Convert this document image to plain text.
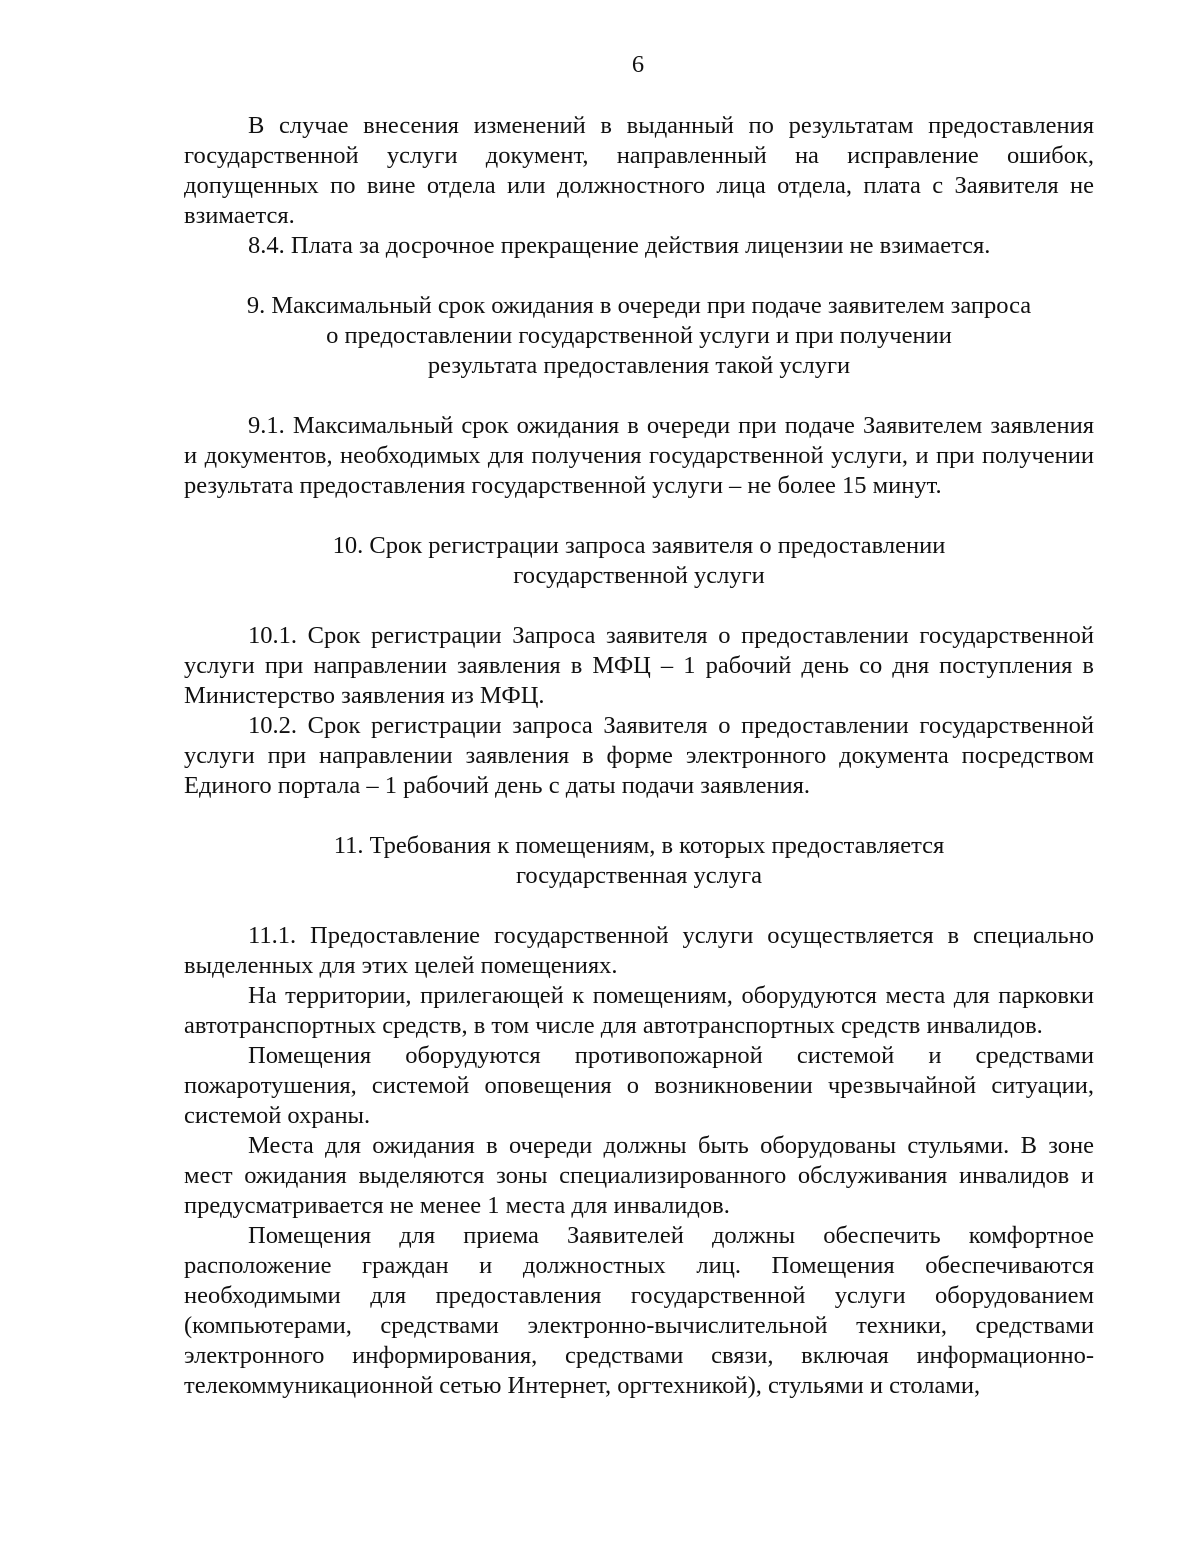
6

В случае внесения изменений в выданный по результатам предоставления государственной услуги документ, направленный на исправление ошибок, допущенных по вине отдела или должностного лица отдела, плата с Заявителя не взимается.

8.4. Плата за досрочное прекращение действия лицензии не взимается.

9. Максимальный срок ожидания в очереди при подаче заявителем запроса
о предоставлении государственной услуги и при получении
результата предоставления такой услуги

9.1. Максимальный срок ожидания в очереди при подаче Заявителем заявления и документов, необходимых для получения государственной услуги, и при получении результата предоставления государственной услуги – не более 15 минут.

10. Срок регистрации запроса заявителя о предоставлении
государственной услуги

10.1. Срок регистрации Запроса заявителя о предоставлении государственной услуги при направлении заявления в МФЦ – 1 рабочий день со дня поступления в Министерство заявления из МФЦ.

10.2. Срок регистрации запроса Заявителя о предоставлении государственной услуги при направлении заявления в форме электронного документа посредством Единого портала – 1 рабочий день с даты подачи заявления.

11. Требования к помещениям, в которых предоставляется
государственная услуга

11.1. Предоставление государственной услуги осуществляется в специально выделенных для этих целей помещениях.

На территории, прилегающей к помещениям, оборудуются места для парковки автотранспортных средств, в том числе для автотранспортных средств инвалидов.

Помещения оборудуются противопожарной системой и средствами пожаротушения, системой оповещения о возникновении чрезвычайной ситуации, системой охраны.

Места для ожидания в очереди должны быть оборудованы стульями. В зоне мест ожидания выделяются зоны специализированного обслуживания инвалидов и предусматривается не менее 1 места для инвалидов.

Помещения для приема Заявителей должны обеспечить комфортное расположение граждан и должностных лиц. Помещения обеспечиваются необходимыми для предоставления государственной услуги оборудованием (компьютерами, средствами электронно-вычислительной техники, средствами электронного информирования, средствами связи, включая информационно-телекоммуникационной сетью Интернет, оргтехникой), стульями и столами,
